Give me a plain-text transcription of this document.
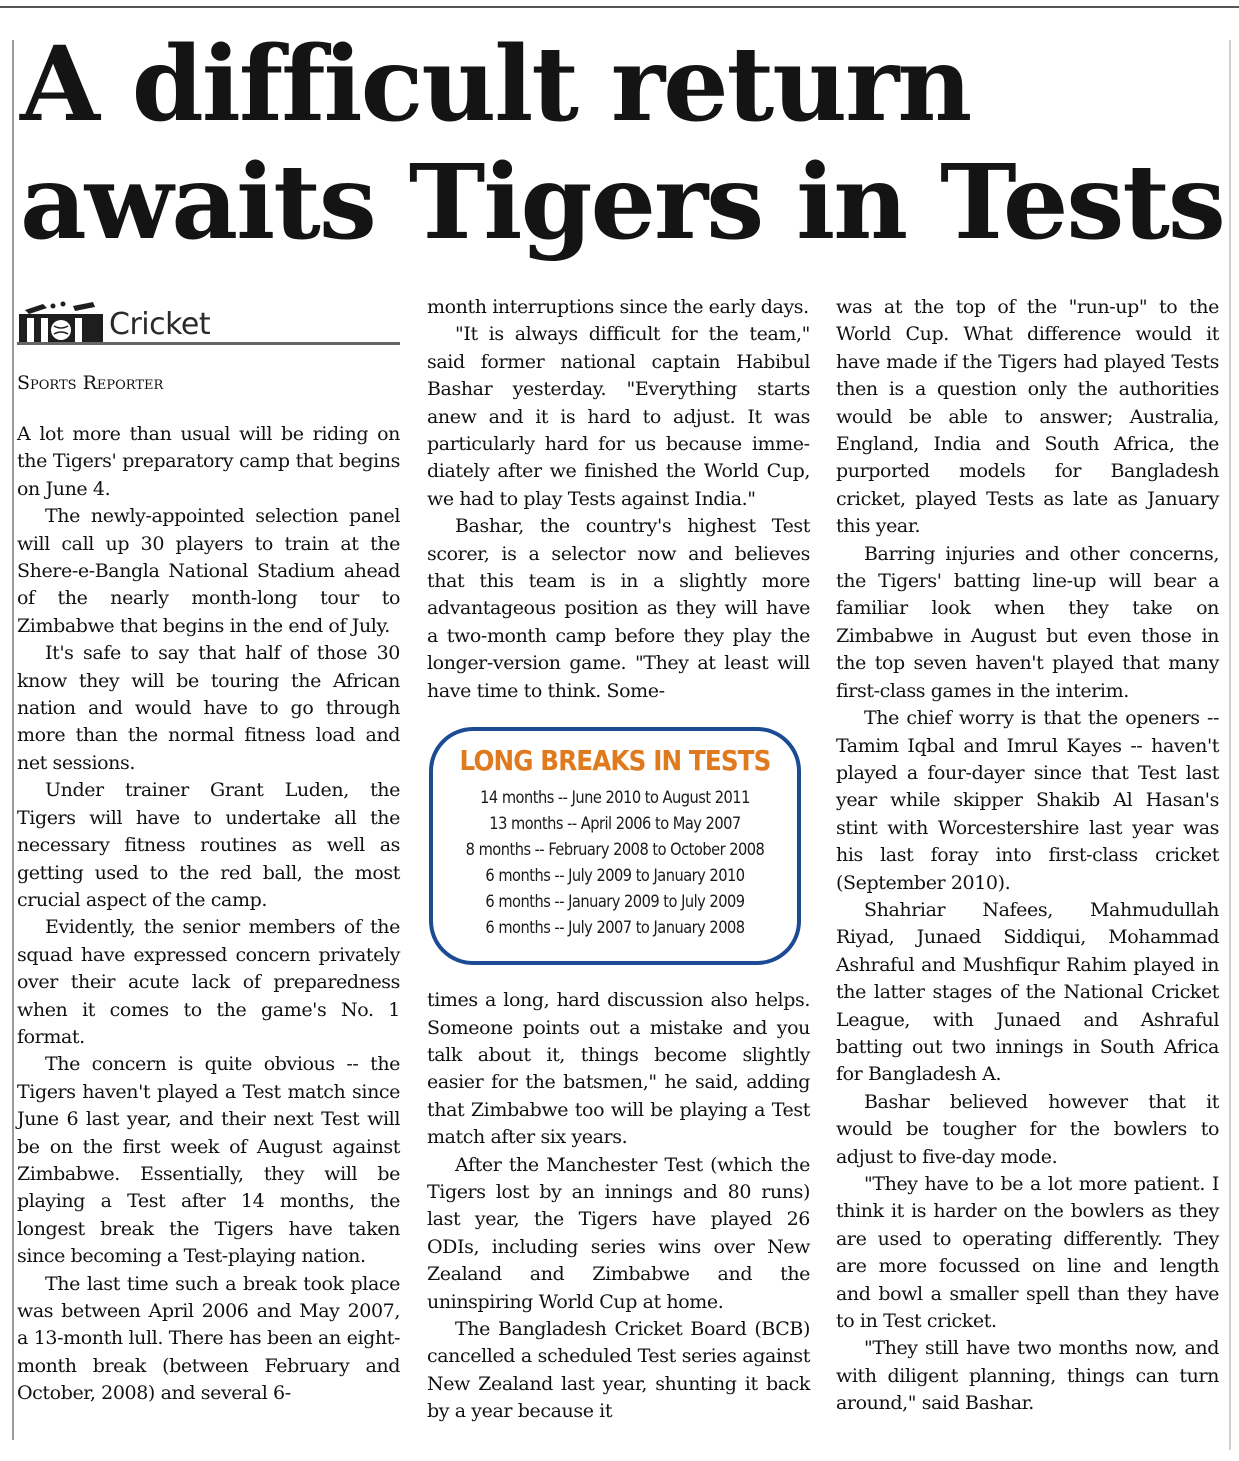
A difficult return awaits Tigers in Tests
Cricket
Sports Reporter

A lot more than usual will be riding on the Tigers' preparatory camp that begins on June 4.

The newly-appointed selection panel will call up 30 players to train at the Shere-e-Bangla National Stadium ahead of the nearly month-long tour to Zimbabwe that begins in the end of July.

It's safe to say that half of those 30 know they will be touring the African nation and would have to go through more than the normal fitness load and net sessions.

Under trainer Grant Luden, the Tigers will have to undertake all the necessary fitness routines as well as getting used to the red ball, the most crucial aspect of the camp.

Evidently, the senior members of the squad have expressed concern privately over their acute lack of preparedness when it comes to the game's No. 1 format.

The concern is quite obvious -- the Tigers haven't played a Test match since June 6 last year, and their next Test will be on the first week of August against Zimbabwe. Essentially, they will be playing a Test after 14 months, the longest break the Tigers have taken since becoming a Test-playing nation.

The last time such a break took place was between April 2006 and May 2007, a 13-month lull. There has been an eight-month break (between February and October, 2008) and several 6-

month interruptions since the early days.

"It is always difficult for the team," said former national captain Habibul Bashar yesterday. "Everything starts anew and it is hard to adjust. It was particularly hard for us because immediately after we finished the World Cup, we had to play Tests against India."

Bashar, the country's highest Test scorer, is a selector now and believes that this team is in a slightly more advantageous position as they will have a two-month camp before they play the longer-version game. "They at least will have time to think. Some-

LONG BREAKS IN TESTS
14 months -- June 2010 to August 2011
13 months -- April 2006 to May 2007
8 months -- February 2008 to October 2008
6 months -- July 2009 to January 2010
6 months -- January 2009 to July 2009
6 months -- July 2007 to January 2008

times a long, hard discussion also helps. Someone points out a mistake and you talk about it, things become slightly easier for the batsmen," he said, adding that Zimbabwe too will be playing a Test match after six years.

After the Manchester Test (which the Tigers lost by an innings and 80 runs) last year, the Tigers have played 26 ODIs, including series wins over New Zealand and Zimbabwe and the uninspiring World Cup at home.

The Bangladesh Cricket Board (BCB) cancelled a scheduled Test series against New Zealand last year, shunting it back by a year because it

was at the top of the "run-up" to the World Cup. What difference would it have made if the Tigers had played Tests then is a question only the authorities would be able to answer; Australia, England, India and South Africa, the purported models for Bangladesh cricket, played Tests as late as January this year.

Barring injuries and other concerns, the Tigers' batting line-up will bear a familiar look when they take on Zimbabwe in August but even those in the top seven haven't played that many first-class games in the interim.

The chief worry is that the openers -- Tamim Iqbal and Imrul Kayes -- haven't played a four-dayer since that Test last year while skipper Shakib Al Hasan's stint with Worcestershire last year was his last foray into first-class cricket (September 2010).

Shahriar Nafees, Mahmudullah Riyad, Junaed Siddiqui, Mohammad Ashraful and Mushfiqur Rahim played in the latter stages of the National Cricket League, with Junaed and Ashraful batting out two innings in South Africa for Bangladesh A.

Bashar believed however that it would be tougher for the bowlers to adjust to five-day mode.

"They have to be a lot more patient. I think it is harder on the bowlers as they are used to operating differently. They are more focussed on line and length and bowl a smaller spell than they have to in Test cricket.

"They still have two months now, and with diligent planning, things can turn around," said Bashar.
